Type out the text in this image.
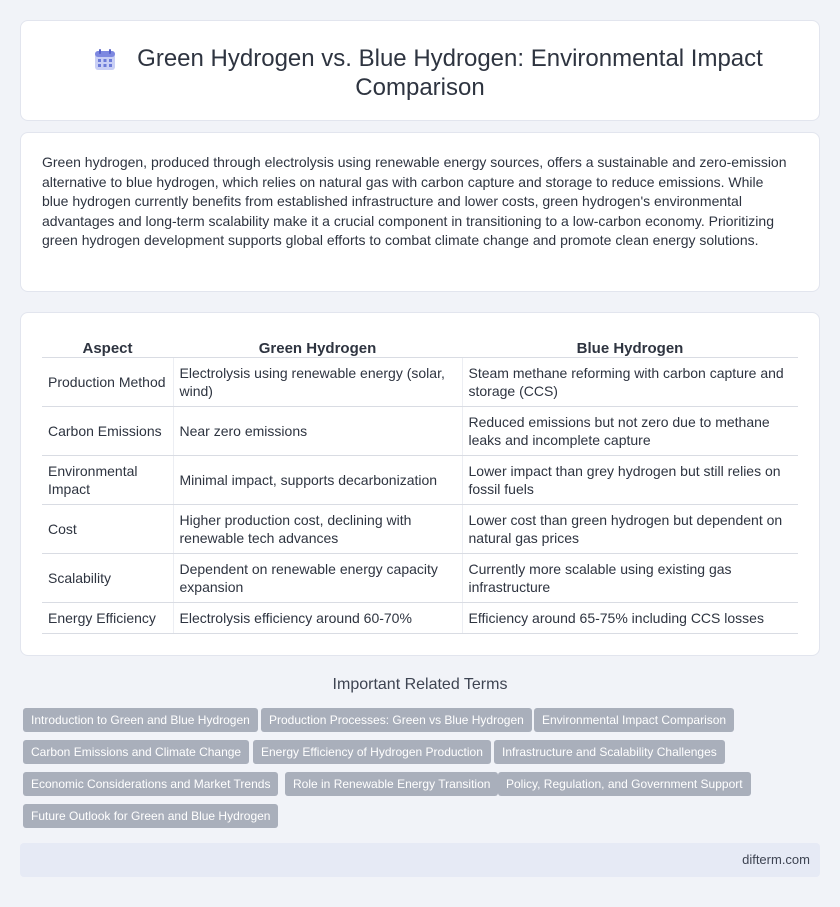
Green Hydrogen vs. Blue Hydrogen: Environmental Impact
Comparison

Green hydrogen, produced through electrolysis using renewable energy sources, offers a sustainable and zero-emission alternative to blue hydrogen, which relies on natural gas with carbon capture and storage to reduce emissions. While blue hydrogen currently benefits from established infrastructure and lower costs, green hydrogen's environmental advantages and long-term scalability make it a crucial component in transitioning to a low-carbon economy. Prioritizing green hydrogen development supports global efforts to combat climate change and promote clean energy solutions.

Aspect	Green Hydrogen	Blue Hydrogen
Production Method	Electrolysis using renewable energy (solar, wind)	Steam methane reforming with carbon capture and storage (CCS)
Carbon Emissions	Near zero emissions	Reduced emissions but not zero due to methane leaks and incomplete capture
Environmental Impact	Minimal impact, supports decarbonization	Lower impact than grey hydrogen but still relies on fossil fuels
Cost	Higher production cost, declining with renewable tech advances	Lower cost than green hydrogen but dependent on natural gas prices
Scalability	Dependent on renewable energy capacity expansion	Currently more scalable using existing gas infrastructure
Energy Efficiency	Electrolysis efficiency around 60-70%	Efficiency around 65-75% including CCS losses
Important Related Terms
Introduction to Green and Blue Hydrogen	Production Processes: Green vs Blue Hydrogen	Environmental Impact Comparison
Carbon Emissions and Climate Change	Energy Efficiency of Hydrogen Production	Infrastructure and Scalability Challenges
Economic Considerations and Market Trends	Role in Renewable Energy Transition	Policy, Regulation, and Government Support
Future Outlook for Green and Blue Hydrogen
difterm.com
